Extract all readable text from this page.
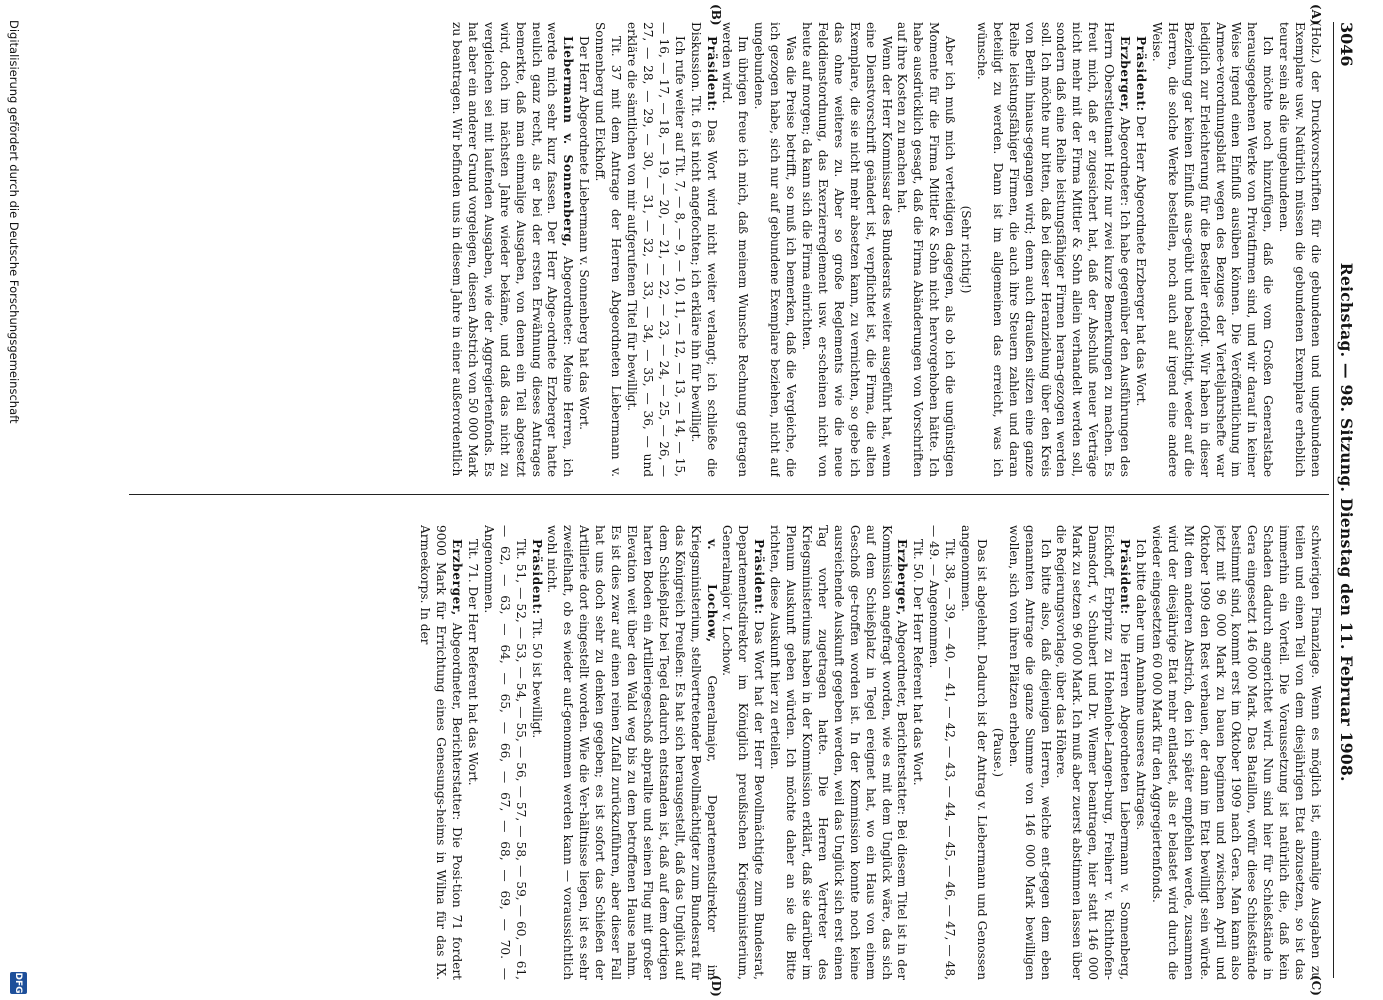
3046
Reichstag. — 98. Sitzung. Dienstag den 11. Februar 1908.
(A)
(B)
(C)
(D)

(Holz.) der Druckvorschriften für die gebundenen und ungebundenen Exemplare usw. Natürlich müssen die gebundenen Exemplare erheblich teurer sein als die ungebundenen.

Ich möchte noch hinzufügen, daß die vom Großen Generalstabe herausgegebenen Werke von Privatfirmen sind, und wir darauf in keiner Weise irgend einen Einfluß ausüben können. Die Veröffentlichung im Armee-verordnungsblatt wegen des Bezuges der Vierteljahrshefte war lediglich zur Erleichterung für die Besteller erfolgt. Wir haben in dieser Beziehung gar keinen Einfluß aus-geübt und beabsichtigt, weder auf die Herren, die solche Werke bestellen, noch auch auf irgend eine andere Weise.

Präsident: Der Herr Abgeordnete Erzberger hat das Wort.

Erzberger, Abgeordneter: Ich habe gegenüber den Ausführungen des Herrn Oberstleutnant Holz nur zwei kurze Bemerkungen zu machen. Es freut mich, daß er zugesichert hat, daß der Abschluß neuer Verträge nicht mehr mit der Firma Mittler & Sohn allein verhandelt werden soll, sondern daß eine Reihe leistungsfähiger Firmen heran-gezogen werden soll. Ich möchte nur bitten, daß bei dieser Heranziehung über den Kreis von Berlin hinaus-gegangen wird; denn auch draußen sitzen eine ganze Reihe leistungsfähiger Firmen, die auch ihre Steuern zahlen und daran beteiligt zu werden. Dann ist im allgemeinen das erreicht, was ich wünsche.

(Sehr richtig!)

Aber ich muß mich verteidigen dagegen, als ob ich die ungünstigen Momente für die Firma Mittler & Sohn nicht hervorgehoben hätte. Ich habe ausdrücklich gesagt, daß die Firma Abänderungen von Vorschriften auf ihre Kosten zu machen hat.

Wenn der Herr Kommissar des Bundesrats weiter ausgeführt hat, wenn eine Dienstvorschrift geändert ist, verpflichtet ist, die Firma, die alten Exemplare, die sie nicht mehr absetzen kann, zu vernichten, so gebe ich das ohne weiteres zu. Aber so große Reglements wie die neue Felddienstordnung, das Exerzierreglement usw. er-scheinen nicht von heute auf morgen; da kann sich die Firma einrichten.

Was die Preise betrifft, so muß ich bemerken, daß die Vergleiche, die ich gezogen habe, sich nur auf gebundene Exemplare beziehen, nicht auf ungebundene.

Im übrigen freue ich mich, daß meinem Wunsche Rechnung getragen werden wird.

Präsident: Das Wort wird nicht weiter verlangt; ich schließe die Diskussion. Tit. 6 ist nicht angefochten; ich erkläre ihn für bewilligt.

Ich rufe weiter auf Tit. 7, — 8, — 9, — 10, 11, — 12, — 13, — 14, — 15, — 16, — 17, — 18, — 19, — 20, — 21, — 22, — 23, — 24, — 25, — 26, — 27, — 28, — 29, — 30, — 31, — 32, — 33, — 34, — 35, — 36, — und erkläre die sämtlichen von mir aufgerufenen Titel für bewilligt.

Tit. 37 mit dem Antrage der Herren Abgeordneten Liebermann v. Sonnenberg und Eickhoff.

Der Herr Abgeordnete Liebermann v. Sonnenberg hat das Wort.

Liebermann v. Sonnenberg, Abgeordneter: Meine Herren, ich werde mich sehr kurz fassen. Der Herr Abge-ordnete Erzberger hatte neulich ganz recht, als er bei der ersten Erwähnung dieses Antrages bemerkte, daß man einmalige Ausgaben, von denen ein Teil abgesetzt wird, doch im nächsten Jahre wieder bekäme, und daß das nicht zu vergleichen sei mit laufenden Ausgaben, wie der Aggregiertenfonds. Es hat aber ein anderer Grund vorgelegen, diesen Abstrich von 50 000 Mark zu beantragen. Wir befinden uns in diesem Jahre in einer außerordentlich

schwierigen Finanzlage. Wenn es möglich ist, einmalige Ausgaben zu teilen und einen Teil von dem diesjährigen Etat abzusetzen, so ist das immerhin ein Vorteil. Die Voraussetzung ist natürlich die, daß kein Schaden dadurch angerichtet wird. Nun sind hier für Schießstände in Gera eingesetzt 146 000 Mark. Das Bataillon, wofür diese Schießstände bestimmt sind, kommt erst im Oktober 1909 nach Gera. Man kann also jetzt mit 96 000 Mark zu bauen beginnen und zwischen April und Oktober 1909 den Rest verbauen, der dann im Etat bewilligt sein würde. Mit dem anderen Abstrich, den ich später empfehlen werde, zusammen wird der diesjährige Etat mehr entlastet, als er belastet wird durch die wieder eingesetzten 60 000 Mark für den Aggregiertenfonds.

Ich bitte daher um Annahme unseres Antrages.

Präsident: Die Herren Abgeordneten Liebermann v. Sonnenberg, Eickhoff, Erbprinz zu Hohenlohe-Langen-burg, Freiherr v. Richthofen-Damsdorf, v. Schubert und Dr. Wiemer beantragen, hier statt 146 000 Mark zu setzen 96 000 Mark. Ich muß aber zuerst abstimmen lassen über die Regierungsvorlage, über das Höhere.

Ich bitte also, daß diejenigen Herren, welche ent-gegen dem eben genannten Antrage die ganze Summe von 146 000 Mark bewilligen wollen, sich von ihren Plätzen erheben.

(Pause.)

Das ist abgelehnt. Dadurch ist der Antrag v. Liebermann und Genossen angenommen.

Tit. 38, — 39, — 40, — 41, — 42, — 43, — 44, — 45, — 46, — 47, — 48, — 49. — Angenommen.

Tit. 50. Der Herr Referent hat das Wort.

Erzberger, Abgeordneter, Berichterstatter: Bei diesem Titel ist in der Kommission angefragt worden, wie es mit dem Unglück wäre, das sich auf dem Schießplatz in Tegel ereignet hat, wo ein Haus von einem Geschoß ge-troffen worden ist. In der Kommission konnte noch keine ausreichende Auskunft gegeben werden, weil das Unglück sich erst einen Tag vorher zugetragen hatte. Die Herren Vertreter des Kriegsministeriums haben in der Kommission erklärt, daß sie darüber im Plenum Auskunft geben würden. Ich möchte daher an sie die Bitte richten, diese Auskunft hier zu erteilen.

Präsident: Das Wort hat der Herr Bevollmächtigte zum Bundesrat, Departementsdirektor im Königlich preußischen Kriegsministerium, Generalmajor v. Lochow.

v. Lochow, Generalmajor, Departementsdirektor im Kriegsministerium, stellvertretender Bevollmächtigter zum Bundesrat für das Königreich Preußen: Es hat sich herausgestellt, daß das Unglück auf dem Schießplatz bei Tegel dadurch entstanden ist, daß auf dem dortigen harten Boden ein Artilleriegeschoß abprallte und seinen Flug mit großer Elevation weit über den Wald weg bis zu dem betroffenen Hause nahm. Es ist dies zwar auf einen reinen Zufall zurückzuführen, aber dieser Fall hat uns doch sehr zu denken gegeben; es ist sofort das Schießen der Artillerie dort eingestellt worden. Wie die Ver-hältnisse liegen, ist es sehr zweifelhaft, ob es wieder auf-genommen werden kann — voraussichtlich wohl nicht.

Präsident: Tit. 50 ist bewilligt.

Tit. 51, — 52, — 53, — 54, — 55, — 56, — 57, — 58, — 59, — 60, — 61, — 62, — 63, — 64, — 65, — 66, — 67, — 68, — 69, — 70. — Angenommen.

Tit. 71. Der Herr Referent hat das Wort.

Erzberger, Abgeordneter, Berichterstatter: Die Posi-tion 71 fordert 9000 Mark für Errichtung eines Genesungs-heims in Wilna für das IX. Armeekorps. In der

Digitalisierung gefördert durch die Deutsche Forschungsgemeinschaft
DFG
